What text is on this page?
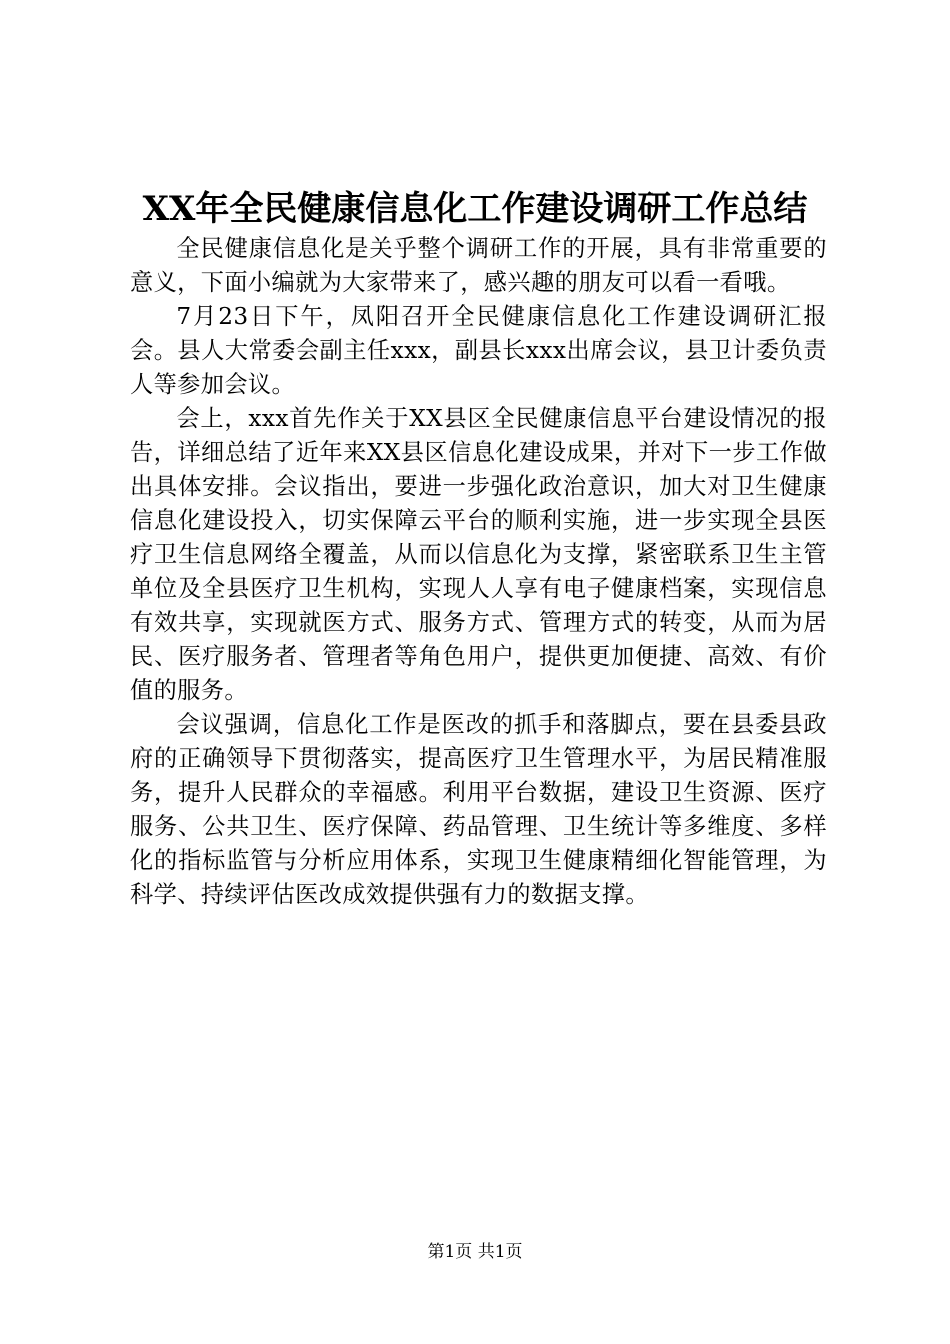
XX年全民健康信息化工作建设调研工作总结

全民健康信息化是关乎整个调研工作的开展，具有非常重要的意义，下面小编就为大家带来了，感兴趣的朋友可以看一看哦。

7月23日下午，凤阳召开全民健康信息化工作建设调研汇报会。县人大常委会副主任xxx，副县长xxx出席会议，县卫计委负责人等参加会议。

会上，xxx首先作关于XX县区全民健康信息平台建设情况的报告，详细总结了近年来XX县区信息化建设成果，并对下一步工作做出具体安排。会议指出，要进一步强化政治意识，加大对卫生健康信息化建设投入，切实保障云平台的顺利实施，进一步实现全县医疗卫生信息网络全覆盖，从而以信息化为支撑，紧密联系卫生主管单位及全县医疗卫生机构，实现人人享有电子健康档案，实现信息有效共享，实现就医方式、服务方式、管理方式的转变，从而为居民、医疗服务者、管理者等角色用户，提供更加便捷、高效、有价值的服务。

会议强调，信息化工作是医改的抓手和落脚点，要在县委县政府的正确领导下贯彻落实，提高医疗卫生管理水平，为居民精准服务，提升人民群众的幸福感。利用平台数据，建设卫生资源、医疗服务、公共卫生、医疗保障、药品管理、卫生统计等多维度、多样化的指标监管与分析应用体系，实现卫生健康精细化智能管理，为科学、持续评估医改成效提供强有力的数据支撑。

第1页 共1页
